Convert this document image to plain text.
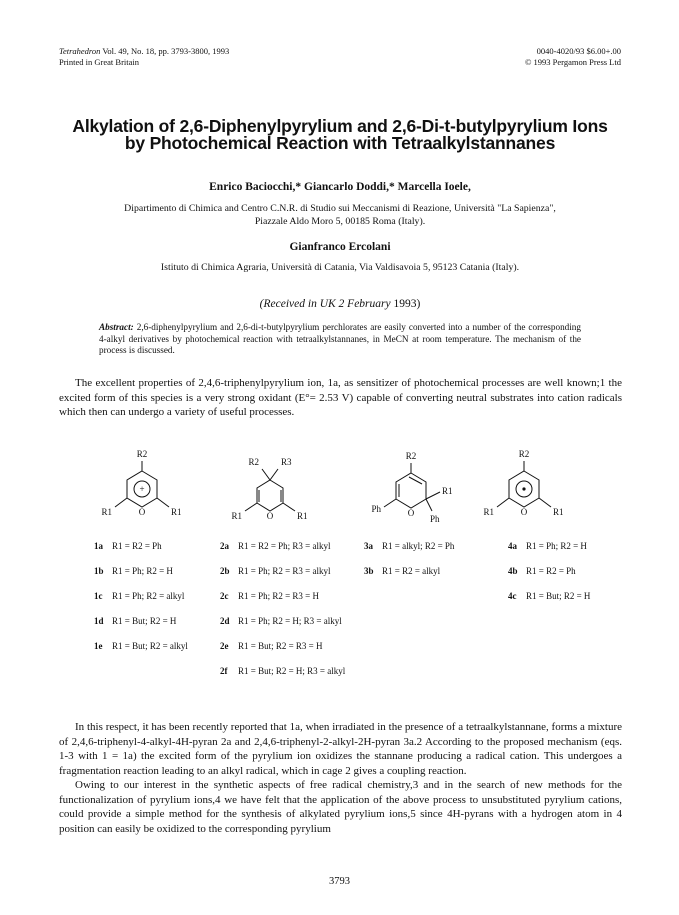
Tetrahedron Vol. 49, No. 18, pp. 3793-3800, 1993
Printed in Great Britain
0040-4020/93 $6.00+.00
© 1993 Pergamon Press Ltd
Alkylation of 2,6-Diphenylpyrylium and 2,6-Di-t-butylpyrylium Ions
by Photochemical Reaction with Tetraalkylstannanes
Enrico Baciocchi,* Giancarlo Doddi,* Marcella Ioele,
Dipartimento di Chimica and Centro C.N.R. di Studio sui Meccanismi di Reazione, Università "La Sapienza",
Piazzale Aldo Moro 5, 00185 Roma (Italy).
Gianfranco Ercolani
Istituto di Chimica Agraria, Università di Catania, Via Valdisavoia 5, 95123 Catania (Italy).
(Received in UK 2 February 1993)
Abstract: 2,6-diphenylpyrylium and 2,6-di-t-butylpyrylium perchlorates are easily converted into a number of the corresponding 4-alkyl derivatives by photochemical reaction with tetraalkylstannanes, in MeCN at room temperature. The mechanism of the process is discussed.
The excellent properties of 2,4,6-triphenylpyrylium ion, 1a, as sensitizer of photochemical processes are well known;1 the excited form of this species is a very strong oxidant (E°= 2.53 V) capable of converting neutral substrates into cation radicals which then can undergo a variety of useful processes.
R2
+
O
R1	R1
R2 R3
O
R1	R1
R2
O
Ph
R1
Ph
R2
O
R1	R1
1a R1 = R2 = Ph
1b R1 = Ph; R2 = H
1c R1 = Ph; R2 = alkyl
1d R1 = But; R2 = H
1e R1 = But; R2 = alkyl
2a R1 = R2 = Ph; R3 = alkyl
2b R1 = Ph; R2 = R3 = alkyl
2c R1 = Ph; R2 = R3 = H
2d R1 = Ph; R2 = H; R3 = alkyl
2e R1 = But; R2 = R3 = H
2f R1 = But; R2 = H; R3 = alkyl
3a R1 = alkyl; R2 = Ph
3b R1 = R2 = alkyl
4a R1 = Ph; R2 = H
4b R1 = R2 = Ph
4c R1 = But; R2 = H
In this respect, it has been recently reported that 1a, when irradiated in the presence of a tetraalkylstannane, forms a mixture of 2,4,6-triphenyl-4-alkyl-4H-pyran 2a and 2,4,6-triphenyl-2-alkyl-2H-pyran 3a.2 According to the proposed mechanism (eqs. 1-3 with 1 = 1a) the excited form of the pyrylium ion oxidizes the stannane producing a radical cation. This undergoes a fragmentation reaction leading to an alkyl radical, which in cage 2 gives a coupling reaction.
Owing to our interest in the synthetic aspects of free radical chemistry,3 and in the search of new methods for the functionalization of pyrylium ions,4 we have felt that the application of the above process to unsubstituted pyrylium cations, could provide a simple method for the synthesis of alkylated pyrylium ions,5 since 4H-pyrans with a hydrogen atom in 4 position can easily be oxidized to the corresponding pyrylium
3793
